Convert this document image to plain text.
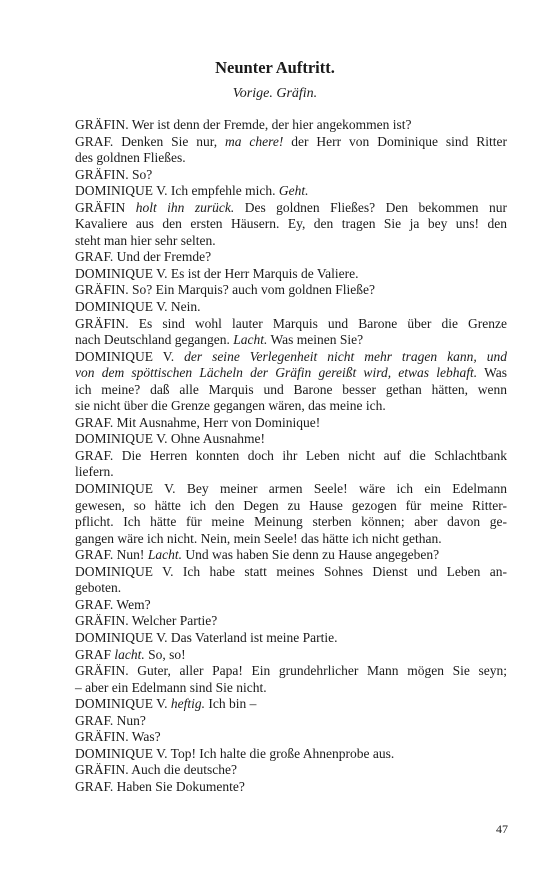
Neunter Auftritt.
Vorige. Gräfin.
GRÄFIN. Wer ist denn der Fremde, der hier angekommen ist?
GRAF. Denken Sie nur, ma chere! der Herr von Dominique sind Ritter
des goldnen Fließes.
GRÄFIN. So?
DOMINIQUE V. Ich empfehle mich. Geht.
GRÄFIN holt ihn zurück. Des goldnen Fließes? Den bekommen nur
Kavaliere aus den ersten Häusern. Ey, den tragen Sie ja bey uns! den
steht man hier sehr selten.
GRAF. Und der Fremde?
DOMINIQUE V. Es ist der Herr Marquis de Valiere.
GRÄFIN. So? Ein Marquis? auch vom goldnen Fließe?
DOMINIQUE V. Nein.
GRÄFIN. Es sind wohl lauter Marquis und Barone über die Grenze
nach Deutschland gegangen. Lacht. Was meinen Sie?
DOMINIQUE V. der seine Verlegenheit nicht mehr tragen kann, und
von dem spöttischen Lächeln der Gräfin gereißt wird, etwas lebhaft. Was
ich meine? daß alle Marquis und Barone besser gethan hätten, wenn
sie nicht über die Grenze gegangen wären, das meine ich.
GRAF. Mit Ausnahme, Herr von Dominique!
DOMINIQUE V. Ohne Ausnahme!
GRAF. Die Herren konnten doch ihr Leben nicht auf die Schlachtbank
liefern.
DOMINIQUE V. Bey meiner armen Seele! wäre ich ein Edelmann
gewesen, so hätte ich den Degen zu Hause gezogen für meine Ritter-
pflicht. Ich hätte für meine Meinung sterben können; aber davon ge-
gangen wäre ich nicht. Nein, mein Seele! das hätte ich nicht gethan.
GRAF. Nun! Lacht. Und was haben Sie denn zu Hause angegeben?
DOMINIQUE V. Ich habe statt meines Sohnes Dienst und Leben an-
geboten.
GRAF. Wem?
GRÄFIN. Welcher Partie?
DOMINIQUE V. Das Vaterland ist meine Partie.
GRAF lacht. So, so!
GRÄFIN. Guter, aller Papa! Ein grundehrlicher Mann mögen Sie seyn;
– aber ein Edelmann sind Sie nicht.
DOMINIQUE V. heftig. Ich bin –
GRAF. Nun?
GRÄFIN. Was?
DOMINIQUE V. Top! Ich halte die große Ahnenprobe aus.
GRÄFIN. Auch die deutsche?
GRAF. Haben Sie Dokumente?
47
